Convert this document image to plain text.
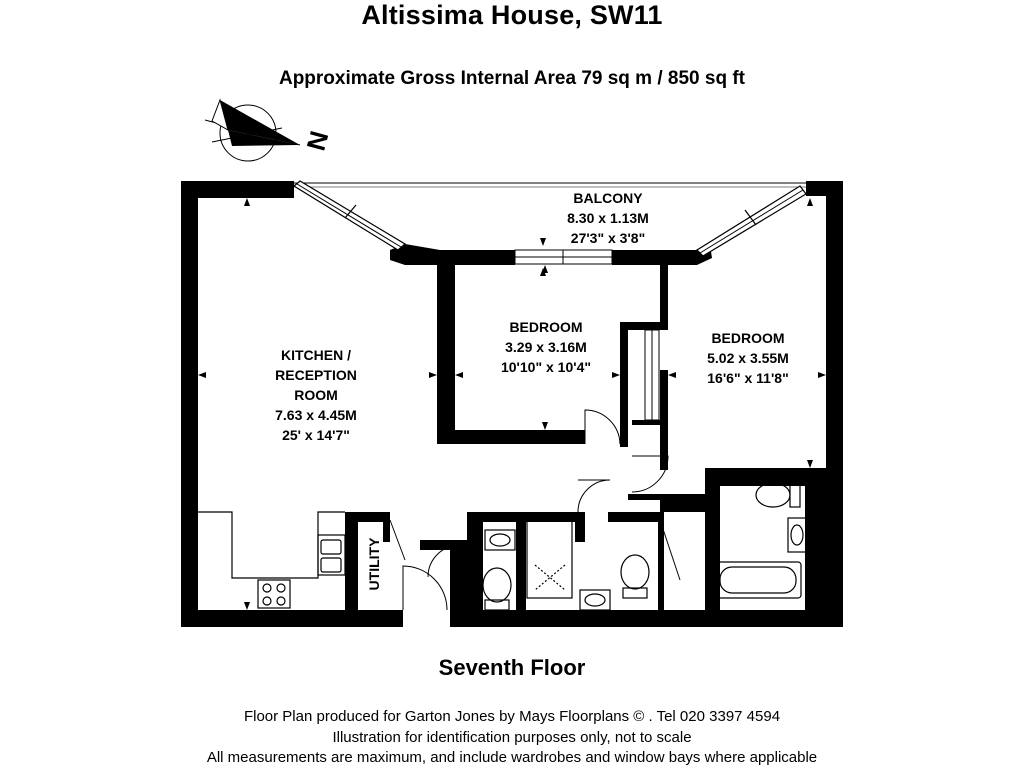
Altissima House, SW11
Approximate Gross Internal Area 79 sq m / 850 sq ft
N
BALCONY
8.30 x 1.13M
27'3" x 3'8"
KITCHEN /
RECEPTION
ROOM
7.63 x 4.45M
25' x 14'7"
BEDROOM
3.29 x 3.16M
10'10" x 10'4"
BEDROOM
5.02 x 3.55M
16'6" x 11'8"
UTILITY
Seventh Floor
Floor Plan produced for Garton Jones by Mays Floorplans © . Tel 020 3397 4594
Illustration for identification purposes only, not to scale
All measurements are maximum, and include wardrobes and window bays where applicable
